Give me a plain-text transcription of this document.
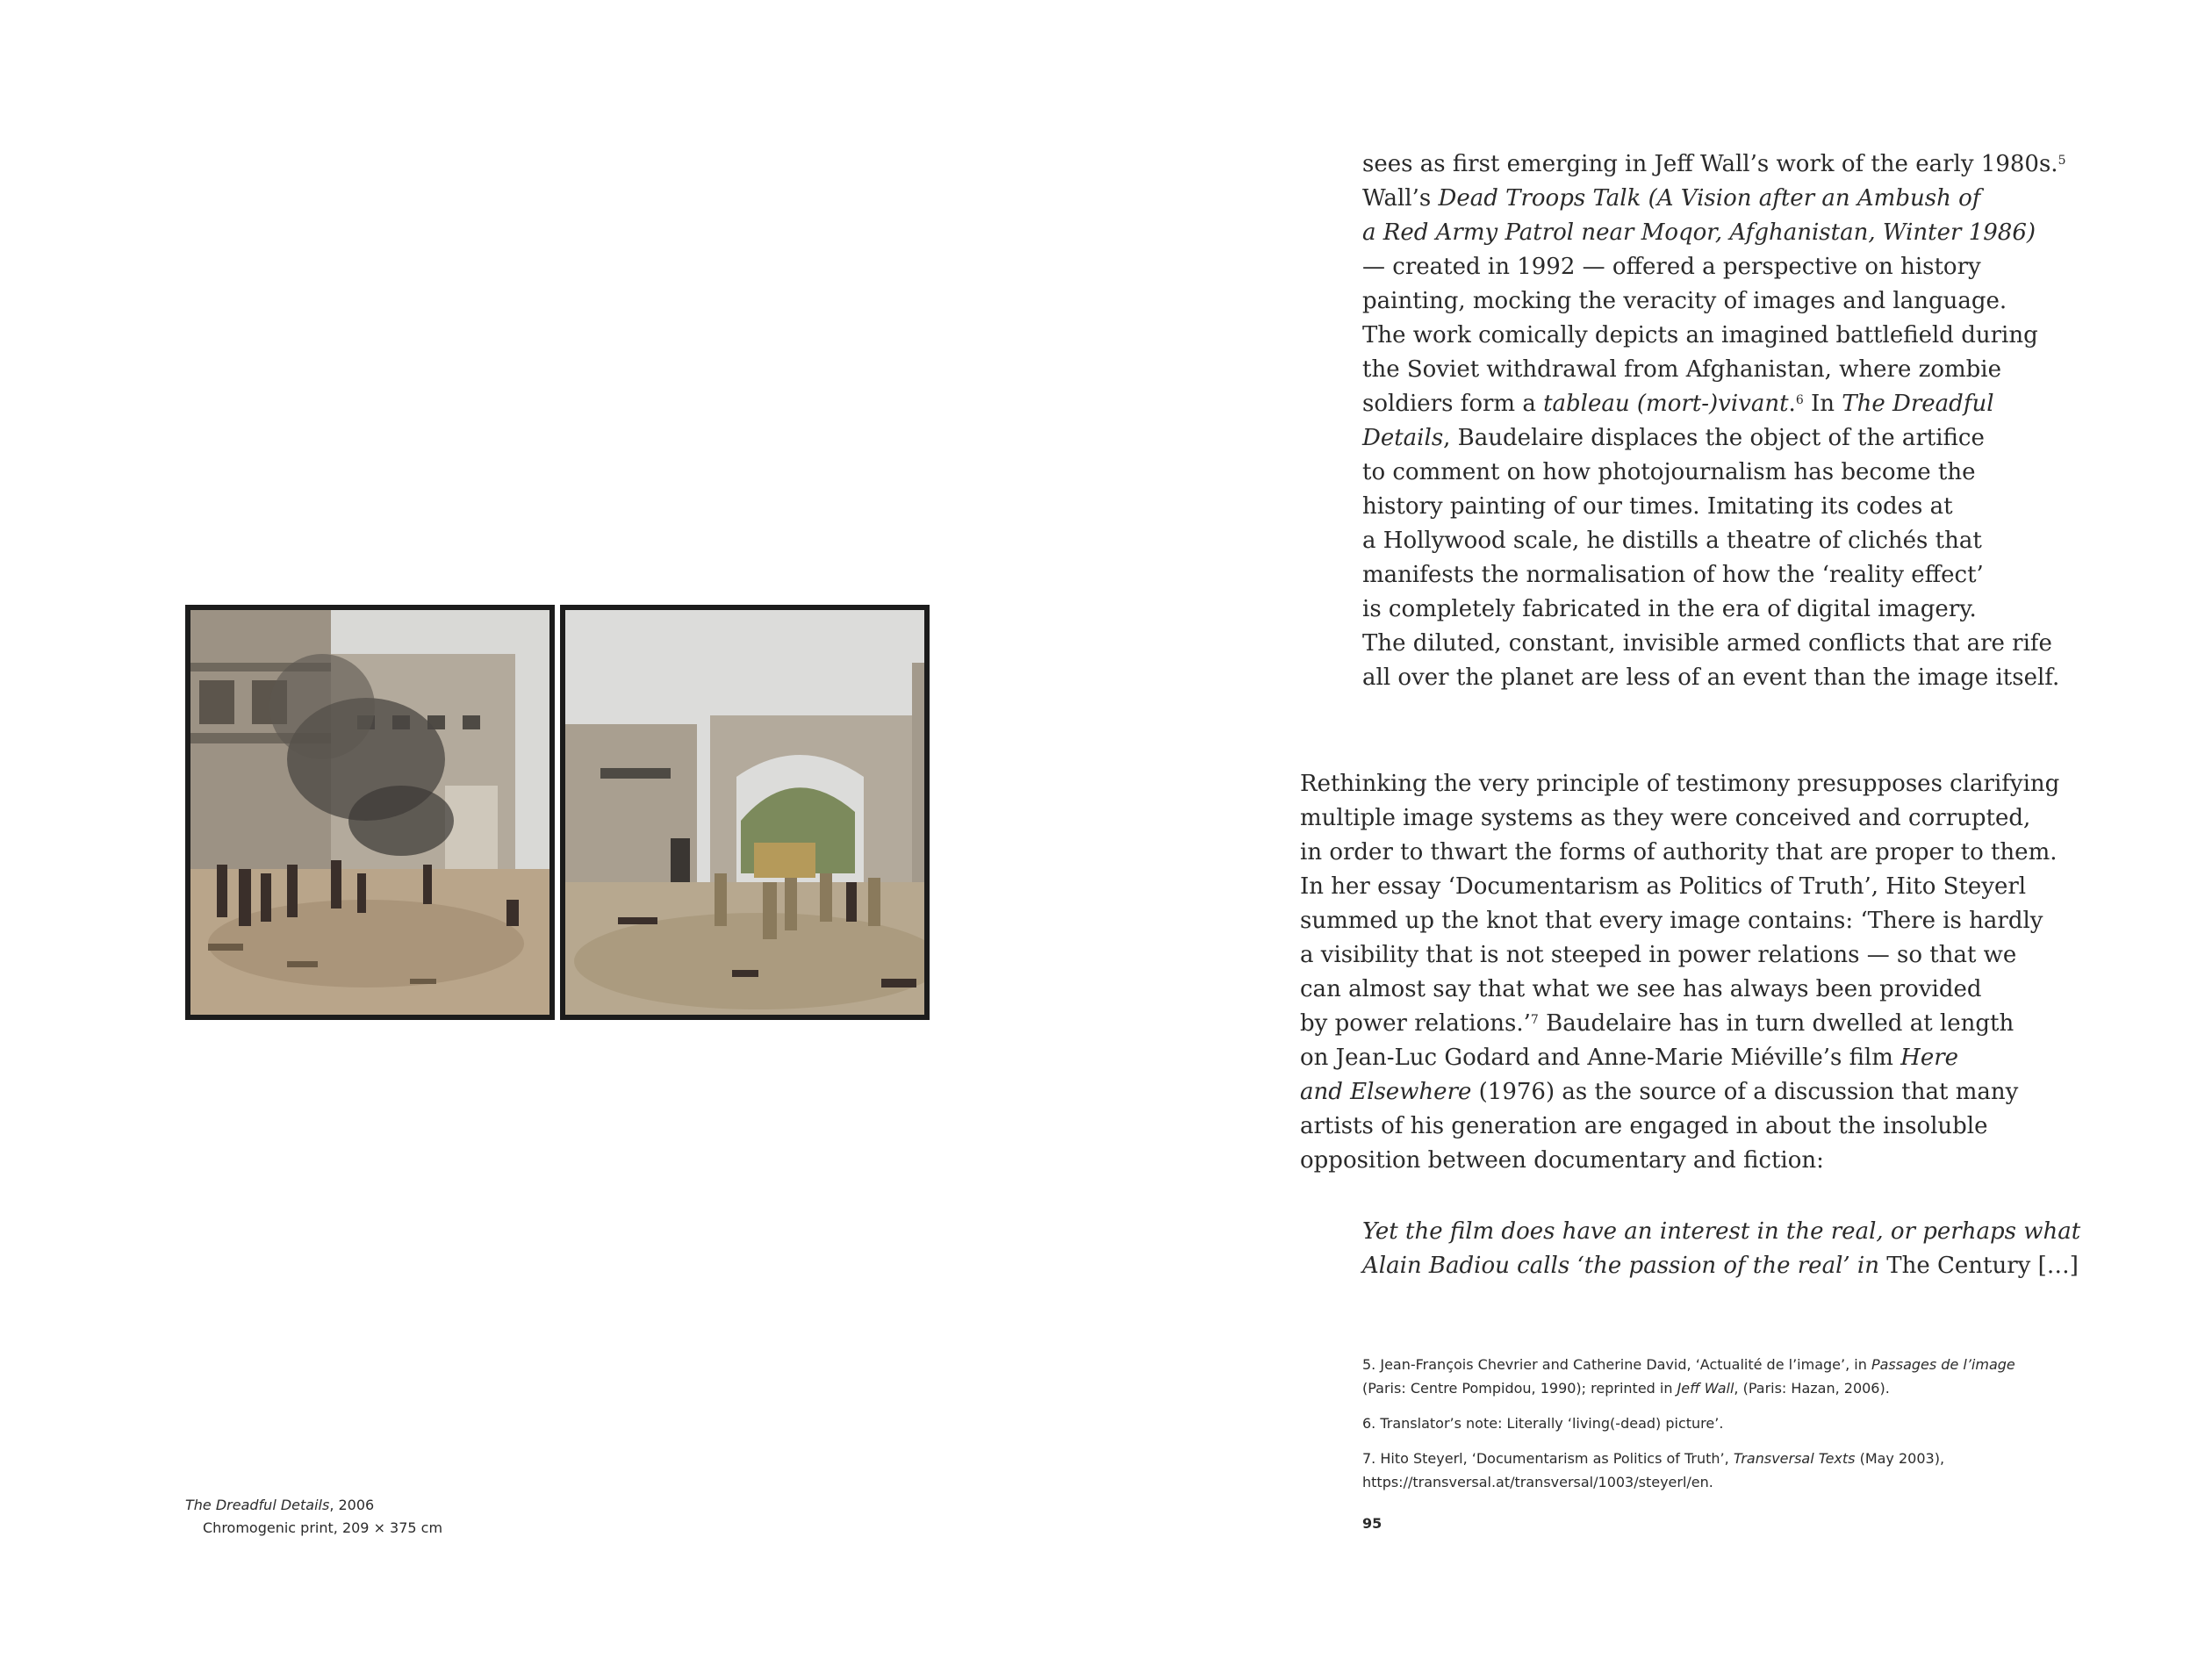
The Dreadful Details, 2006
Chromogenic print, 209 × 375 cm
sees as first emerging in Jeff Wall’s work of the early 1980s.$^5$
Wall’s Dead Troops Talk (A Vision after an Ambush of
a Red Army Patrol near Moqor, Afghanistan, Winter 1986)
— created in 1992 — offered a perspective on history
painting, mocking the veracity of images and language.
The work comically depicts an imagined battlefield during
the Soviet withdrawal from Afghanistan, where zombie
soldiers form a tableau (mort-)vivant.$^6$ In The Dreadful
Details, Baudelaire displaces the object of the artifice
to comment on how photojournalism has become the
history painting of our times. Imitating its codes at
a Hollywood scale, he distills a theatre of clichés that
manifests the normalisation of how the ‘reality effect’
is completely fabricated in the era of digital imagery.
The diluted, constant, invisible armed conflicts that are rife
all over the planet are less of an event than the image itself.
Rethinking the very principle of testimony presupposes clarifying
multiple image systems as they were conceived and corrupted,
in order to thwart the forms of authority that are proper to them.
In her essay ‘Documentarism as Politics of Truth’, Hito Steyerl
summed up the knot that every image contains: ‘There is hardly
a visibility that is not steeped in power relations — so that we
can almost say that what we see has always been provided
by power relations.’$^7$ Baudelaire has in turn dwelled at length
on Jean-Luc Godard and Anne-Marie Miéville’s film Here
and Elsewhere (1976) as the source of a discussion that many
artists of his generation are engaged in about the insoluble
opposition between documentary and fiction:
Yet the film does have an interest in the real, or perhaps what
Alain Badiou calls ‘the passion of the real’ in The Century […]
5. Jean-François Chevrier and Catherine David, ‘Actualité de l’image’, in Passages de l’image
(Paris: Centre Pompidou, 1990); reprinted in Jeff Wall, (Paris: Hazan, 2006).
6. Translator’s note: Literally ‘living(-dead) picture’.
7. Hito Steyerl, ‘Documentarism as Politics of Truth’, Transversal Texts (May 2003),
https://transversal.at/transversal/1003/steyerl/en.
95
